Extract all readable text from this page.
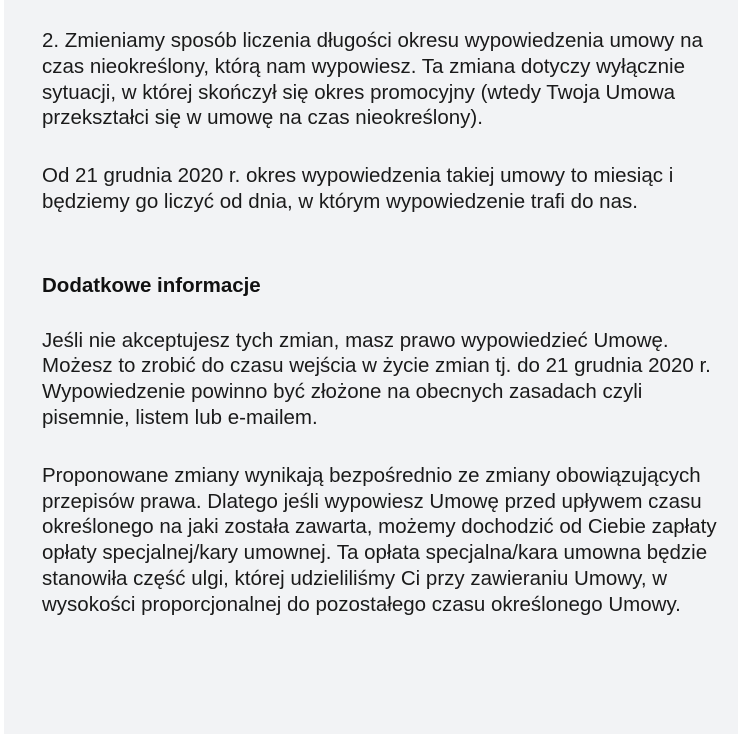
2. Zmieniamy sposób liczenia długości okresu wypowiedzenia umowy na czas nieokreślony, którą nam wypowiesz. Ta zmiana dotyczy wyłącznie sytuacji, w której skończył się okres promocyjny (wtedy Twoja Umowa przekształci się w umowę na czas nieokreślony).

Od 21 grudnia 2020 r. okres wypowiedzenia takiej umowy to miesiąc i będziemy go liczyć od dnia, w którym wypowiedzenie trafi do nas.

Dodatkowe informacje

Jeśli nie akceptujesz tych zmian, masz prawo wypowiedzieć Umowę. Możesz to zrobić do czasu wejścia w życie zmian tj. do 21 grudnia 2020 r. Wypowiedzenie powinno być złożone na obecnych zasadach czyli pisemnie, listem lub e-mailem.

Proponowane zmiany wynikają bezpośrednio ze zmiany obowiązujących przepisów prawa. Dlatego jeśli wypowiesz Umowę przed upływem czasu określonego na jaki została zawarta, możemy dochodzić od Ciebie zapłaty opłaty specjalnej/kary umownej. Ta opłata specjalna/kara umowna będzie stanowiła część ulgi, której udzieliliśmy Ci przy zawieraniu Umowy, w wysokości proporcjonalnej do pozostałego czasu określonego Umowy.
